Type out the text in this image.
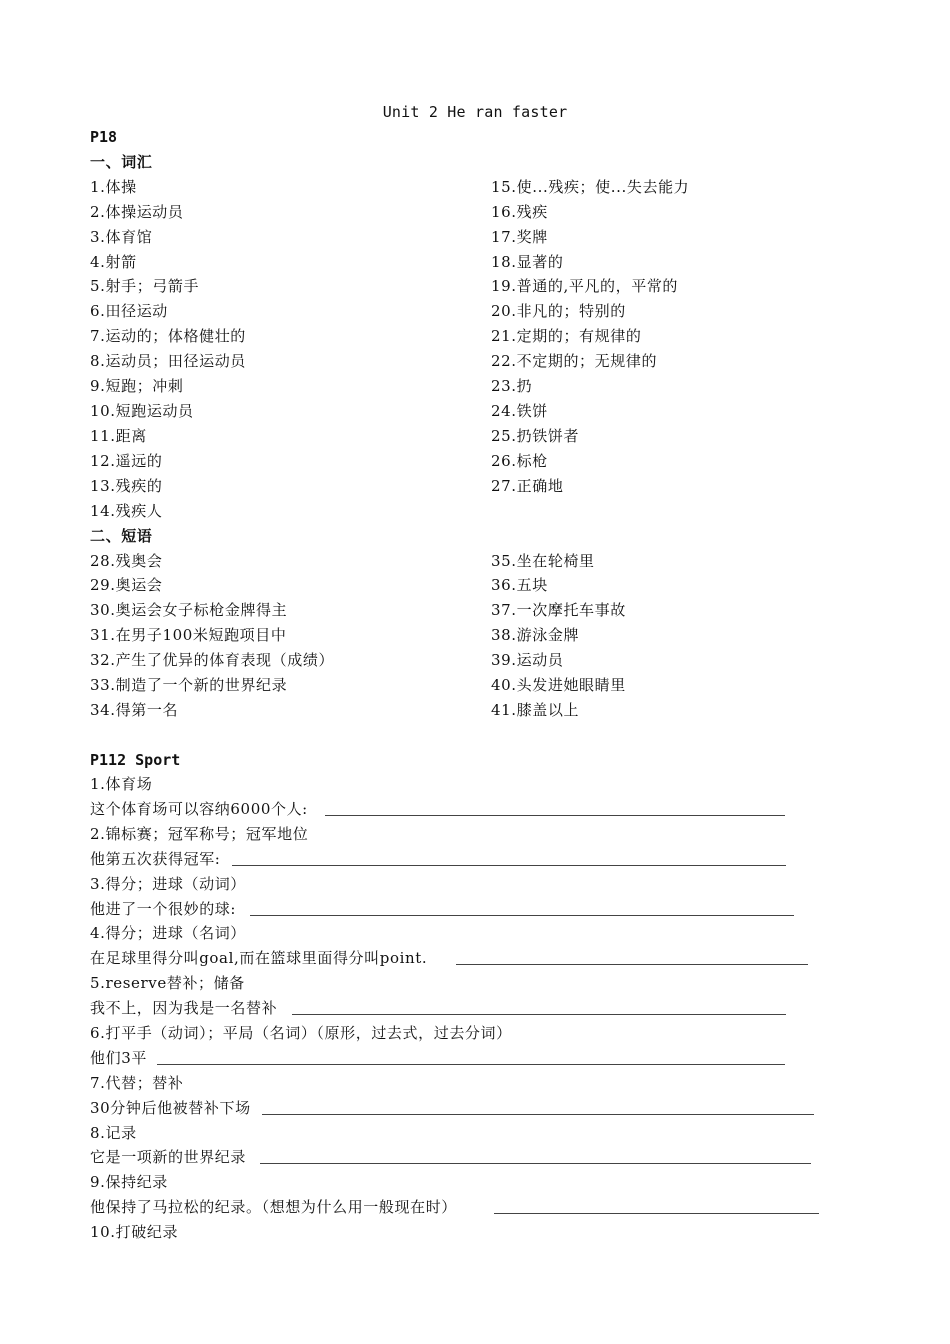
Unit 2 He ran faster
P18
一、词汇
1.体操
2.体操运动员
3.体育馆
4.射箭
5.射手；弓箭手
6.田径运动
7.运动的；体格健壮的
8.运动员；田径运动员
9.短跑；冲刺
10.短跑运动员
11.距离
12.遥远的
13.残疾的
14.残疾人
15.使...残疾；使...失去能力
16.残疾
17.奖牌
18.显著的
19.普通的,平凡的，平常的
20.非凡的；特别的
21.定期的；有规律的
22.不定期的；无规律的
23.扔
24.铁饼
25.扔铁饼者
26.标枪
27.正确地
二、短语
28.残奥会
29.奥运会
30.奥运会女子标枪金牌得主
31.在男子100米短跑项目中
32.产生了优异的体育表现（成绩）
33.制造了一个新的世界纪录
34.得第一名
35.坐在轮椅里
36.五块
37.一次摩托车事故
38.游泳金牌
39.运动员
40.头发进她眼睛里
41.膝盖以上
P112 Sport
1.体育场
这个体育场可以容纳6000个人:
2.锦标赛；冠军称号；冠军地位
他第五次获得冠军:
3.得分；进球（动词）
他进了一个很妙的球:
4.得分；进球（名词）
在足球里得分叫goal,而在篮球里面得分叫point.
5.reserve替补；储备
我不上，因为我是一名替补
6.打平手（动词）；平局（名词）（原形，过去式，过去分词）
他们3平
7.代替；替补
30分钟后他被替补下场
8.记录
它是一项新的世界纪录
9.保持纪录
他保持了马拉松的纪录。（想想为什么用一般现在时）
10.打破纪录
